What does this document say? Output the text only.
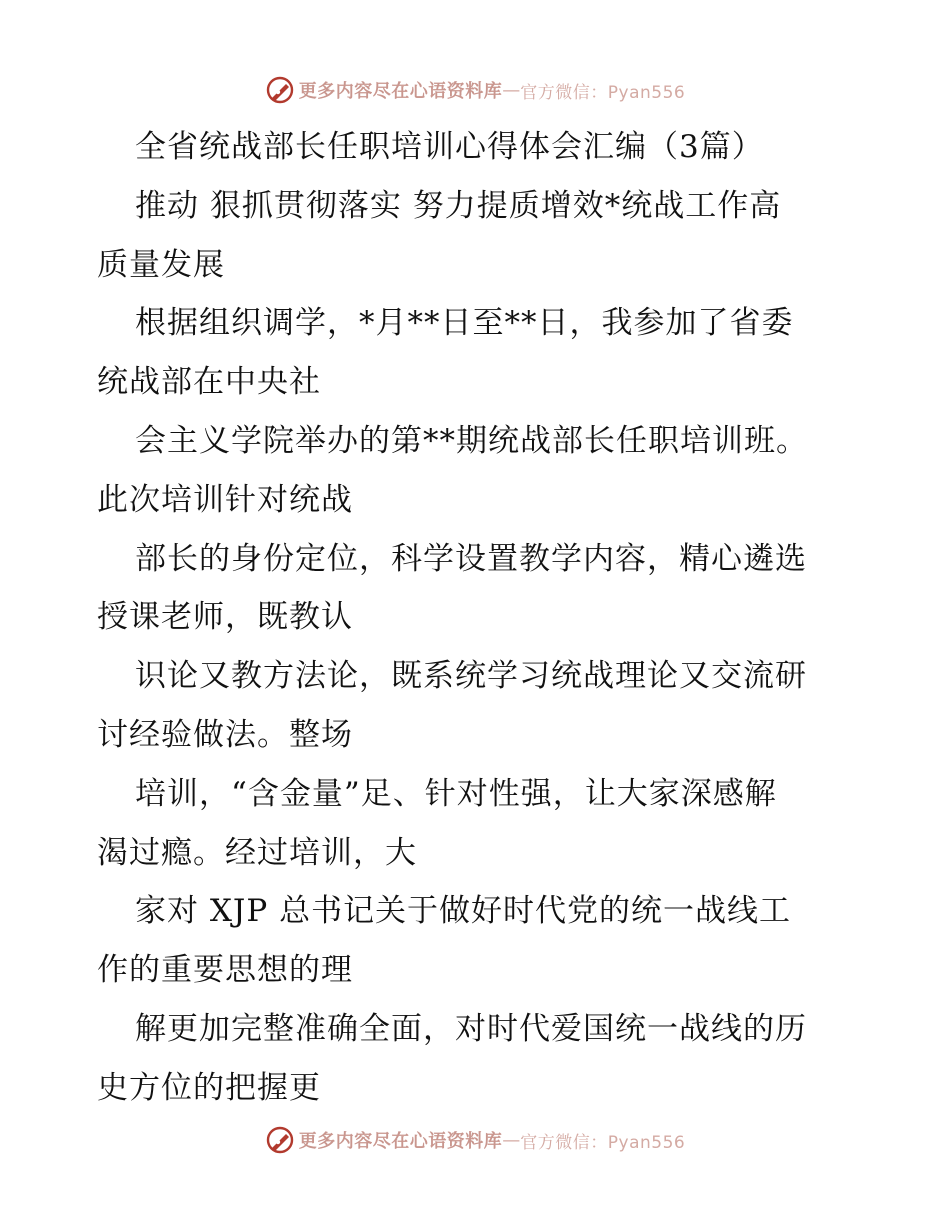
更多内容尽在心语资料库 — 官方微信：Pyan556
全省统战部长任职培训心得体会汇编（3篇）
推动 狠抓贯彻落实 努力提质增效*统战工作高
质量发展
根据组织调学，*月**日至**日，我参加了省委
统战部在中央社
会主义学院举办的第**期统战部长任职培训班。
此次培训针对统战
部长的身份定位，科学设置教学内容，精心遴选
授课老师，既教认
识论又教方法论，既系统学习统战理论又交流研
讨经验做法。整场
培训，“含金量”足、针对性强，让大家深感解
渴过瘾。经过培训，大
家对 XJP 总书记关于做好时代党的统一战线工
作的重要思想的理
解更加完整准确全面，对时代爱国统一战线的历
史方位的把握更
更多内容尽在心语资料库 — 官方微信：Pyan556
